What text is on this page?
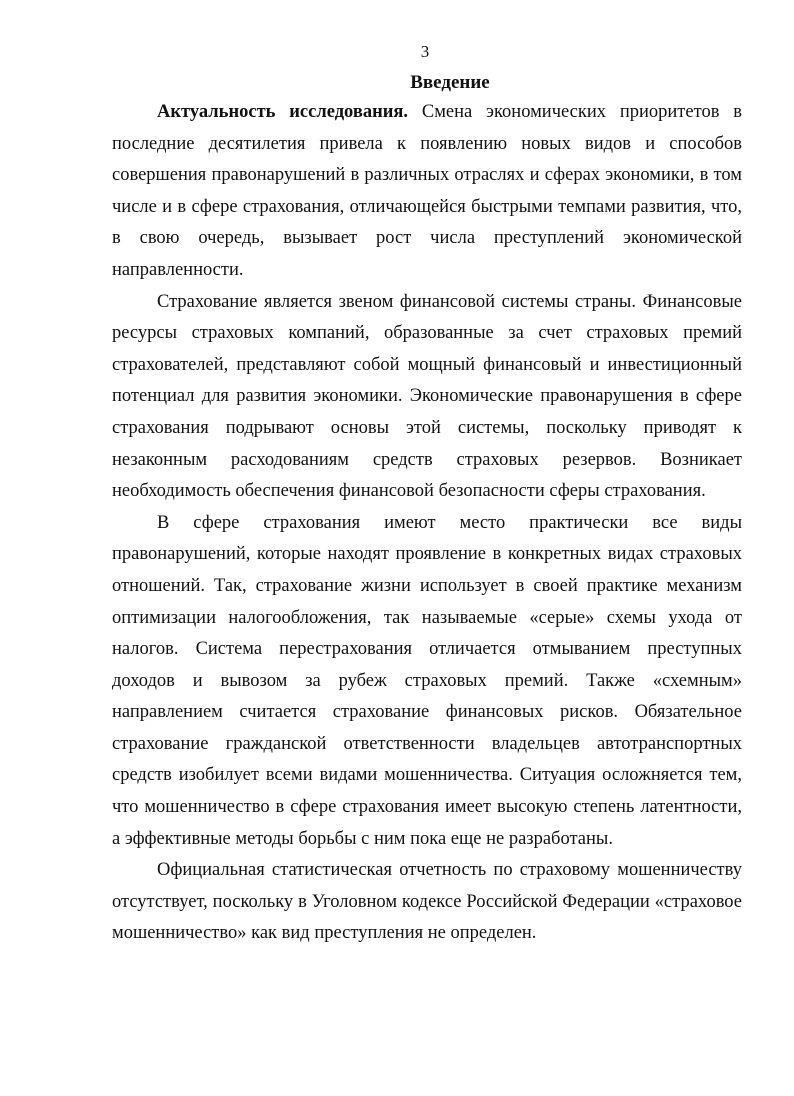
3
Введение

Актуальность исследования. Смена экономических приоритетов в последние десятилетия привела к появлению новых видов и способов совершения правонарушений в различных отраслях и сферах экономики, в том числе и в сфере страхования, отличающейся быстрыми темпами развития, что, в свою очередь, вызывает рост числа преступлений экономической направленности.

Страхование является звеном финансовой системы страны. Финансовые ресурсы страховых компаний, образованные за счет страховых премий страхователей, представляют собой мощный финансовый и инвестиционный потенциал для развития экономики. Экономические правонарушения в сфере страхования подрывают основы этой системы, поскольку приводят к незаконным расходованиям средств страховых резервов. Возникает необходимость обеспечения финансовой безопасности сферы страхования.

В сфере страхования имеют место практически все виды правонарушений, которые находят проявление в конкретных видах страховых отношений. Так, страхование жизни использует в своей практике механизм оптимизации налогообложения, так называемые «серые» схемы ухода от налогов. Система перестрахования отличается отмыванием преступных доходов и вывозом за рубеж страховых премий. Также «схемным» направлением считается страхование финансовых рисков. Обязательное страхование гражданской ответственности владельцев автотранспортных средств изобилует всеми видами мошенничества. Ситуация осложняется тем, что мошенничество в сфере страхования имеет высокую степень латентности, а эффективные методы борьбы с ним пока еще не разработаны.

Официальная статистическая отчетность по страховому мошенничеству отсутствует, поскольку в Уголовном кодексе Российской Федерации «страховое мошенничество» как вид преступления не определен.
